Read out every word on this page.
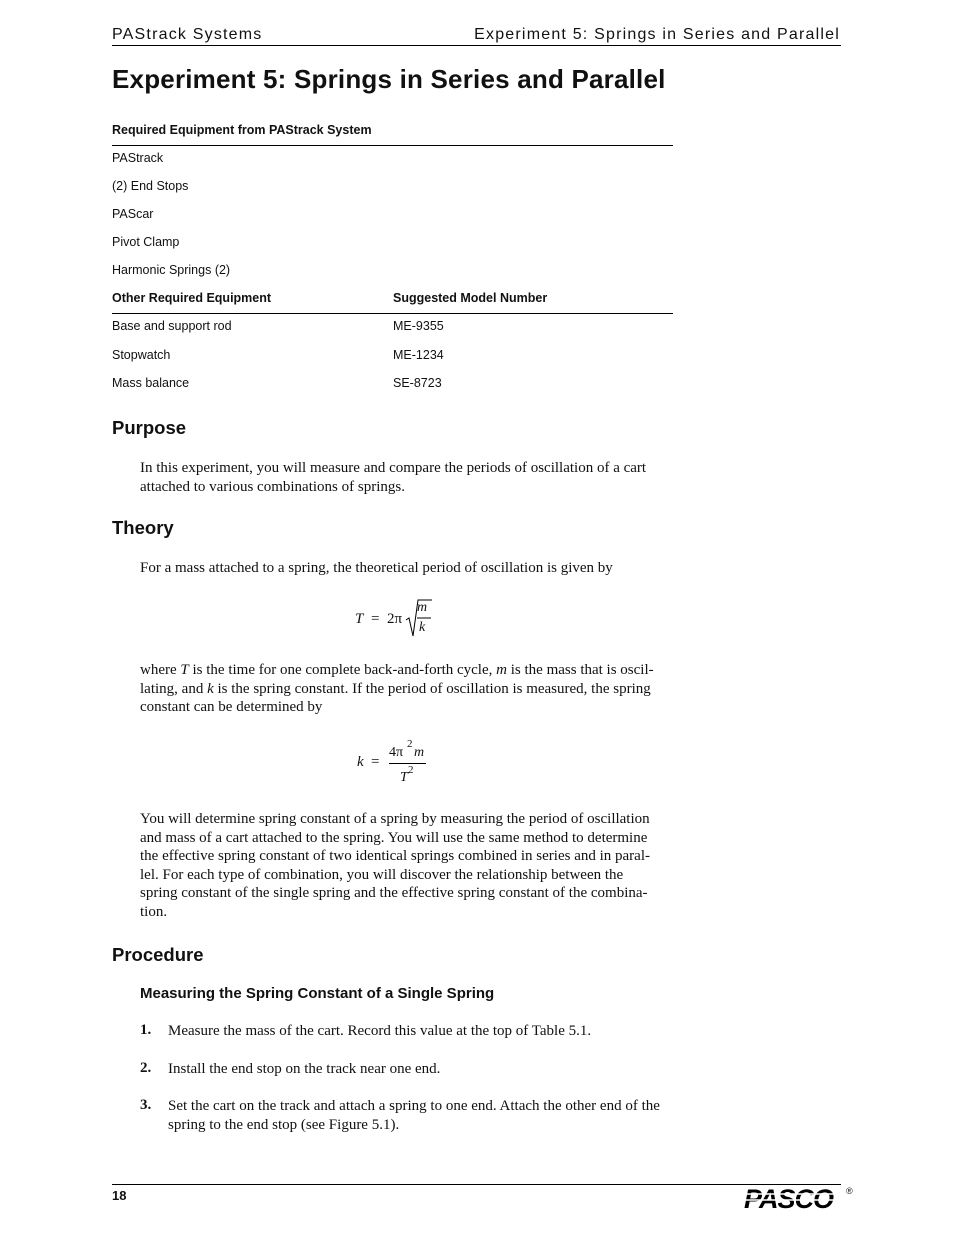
PAStrack Systems	Experiment 5: Springs in Series and Parallel
Experiment 5: Springs in Series and Parallel
Required Equipment from PAStrack System
PAStrack
(2) End Stops
PAScar
Pivot Clamp
Harmonic Springs (2)
Other Required Equipment	Suggested Model Number
Base and support rod	ME-9355
Stopwatch	ME-1234
Mass balance	SE-8723
Purpose
In this experiment, you will measure and compare the periods of oscillation of a cart
attached to various combinations of springs.
Theory
For a mass attached to a spring, the theoretical period of oscillation is given by
T = 2π
m
k
where T is the time for one complete back-and-forth cycle, m is the mass that is oscil-
lating, and k is the spring constant. If the period of oscillation is measured, the spring
constant can be determined by
k =
4π
2
m
T 2
You will determine spring constant of a spring by measuring the period of oscillation
and mass of a cart attached to the spring. You will use the same method to determine
the effective spring constant of two identical springs combined in series and in paral-
lel. For each type of combination, you will discover the relationship between the
spring constant of the single spring and the effective spring constant of the combina-
tion.
Procedure
Measuring the Spring Constant of a Single Spring
1. Measure the mass of the cart. Record this value at the top of Table 5.1.
2. Install the end stop on the track near one end.
3. Set the cart on the track and attach a spring to one end. Attach the other end of the
spring to the end stop (see Figure 5.1).
18	PASCO ®
